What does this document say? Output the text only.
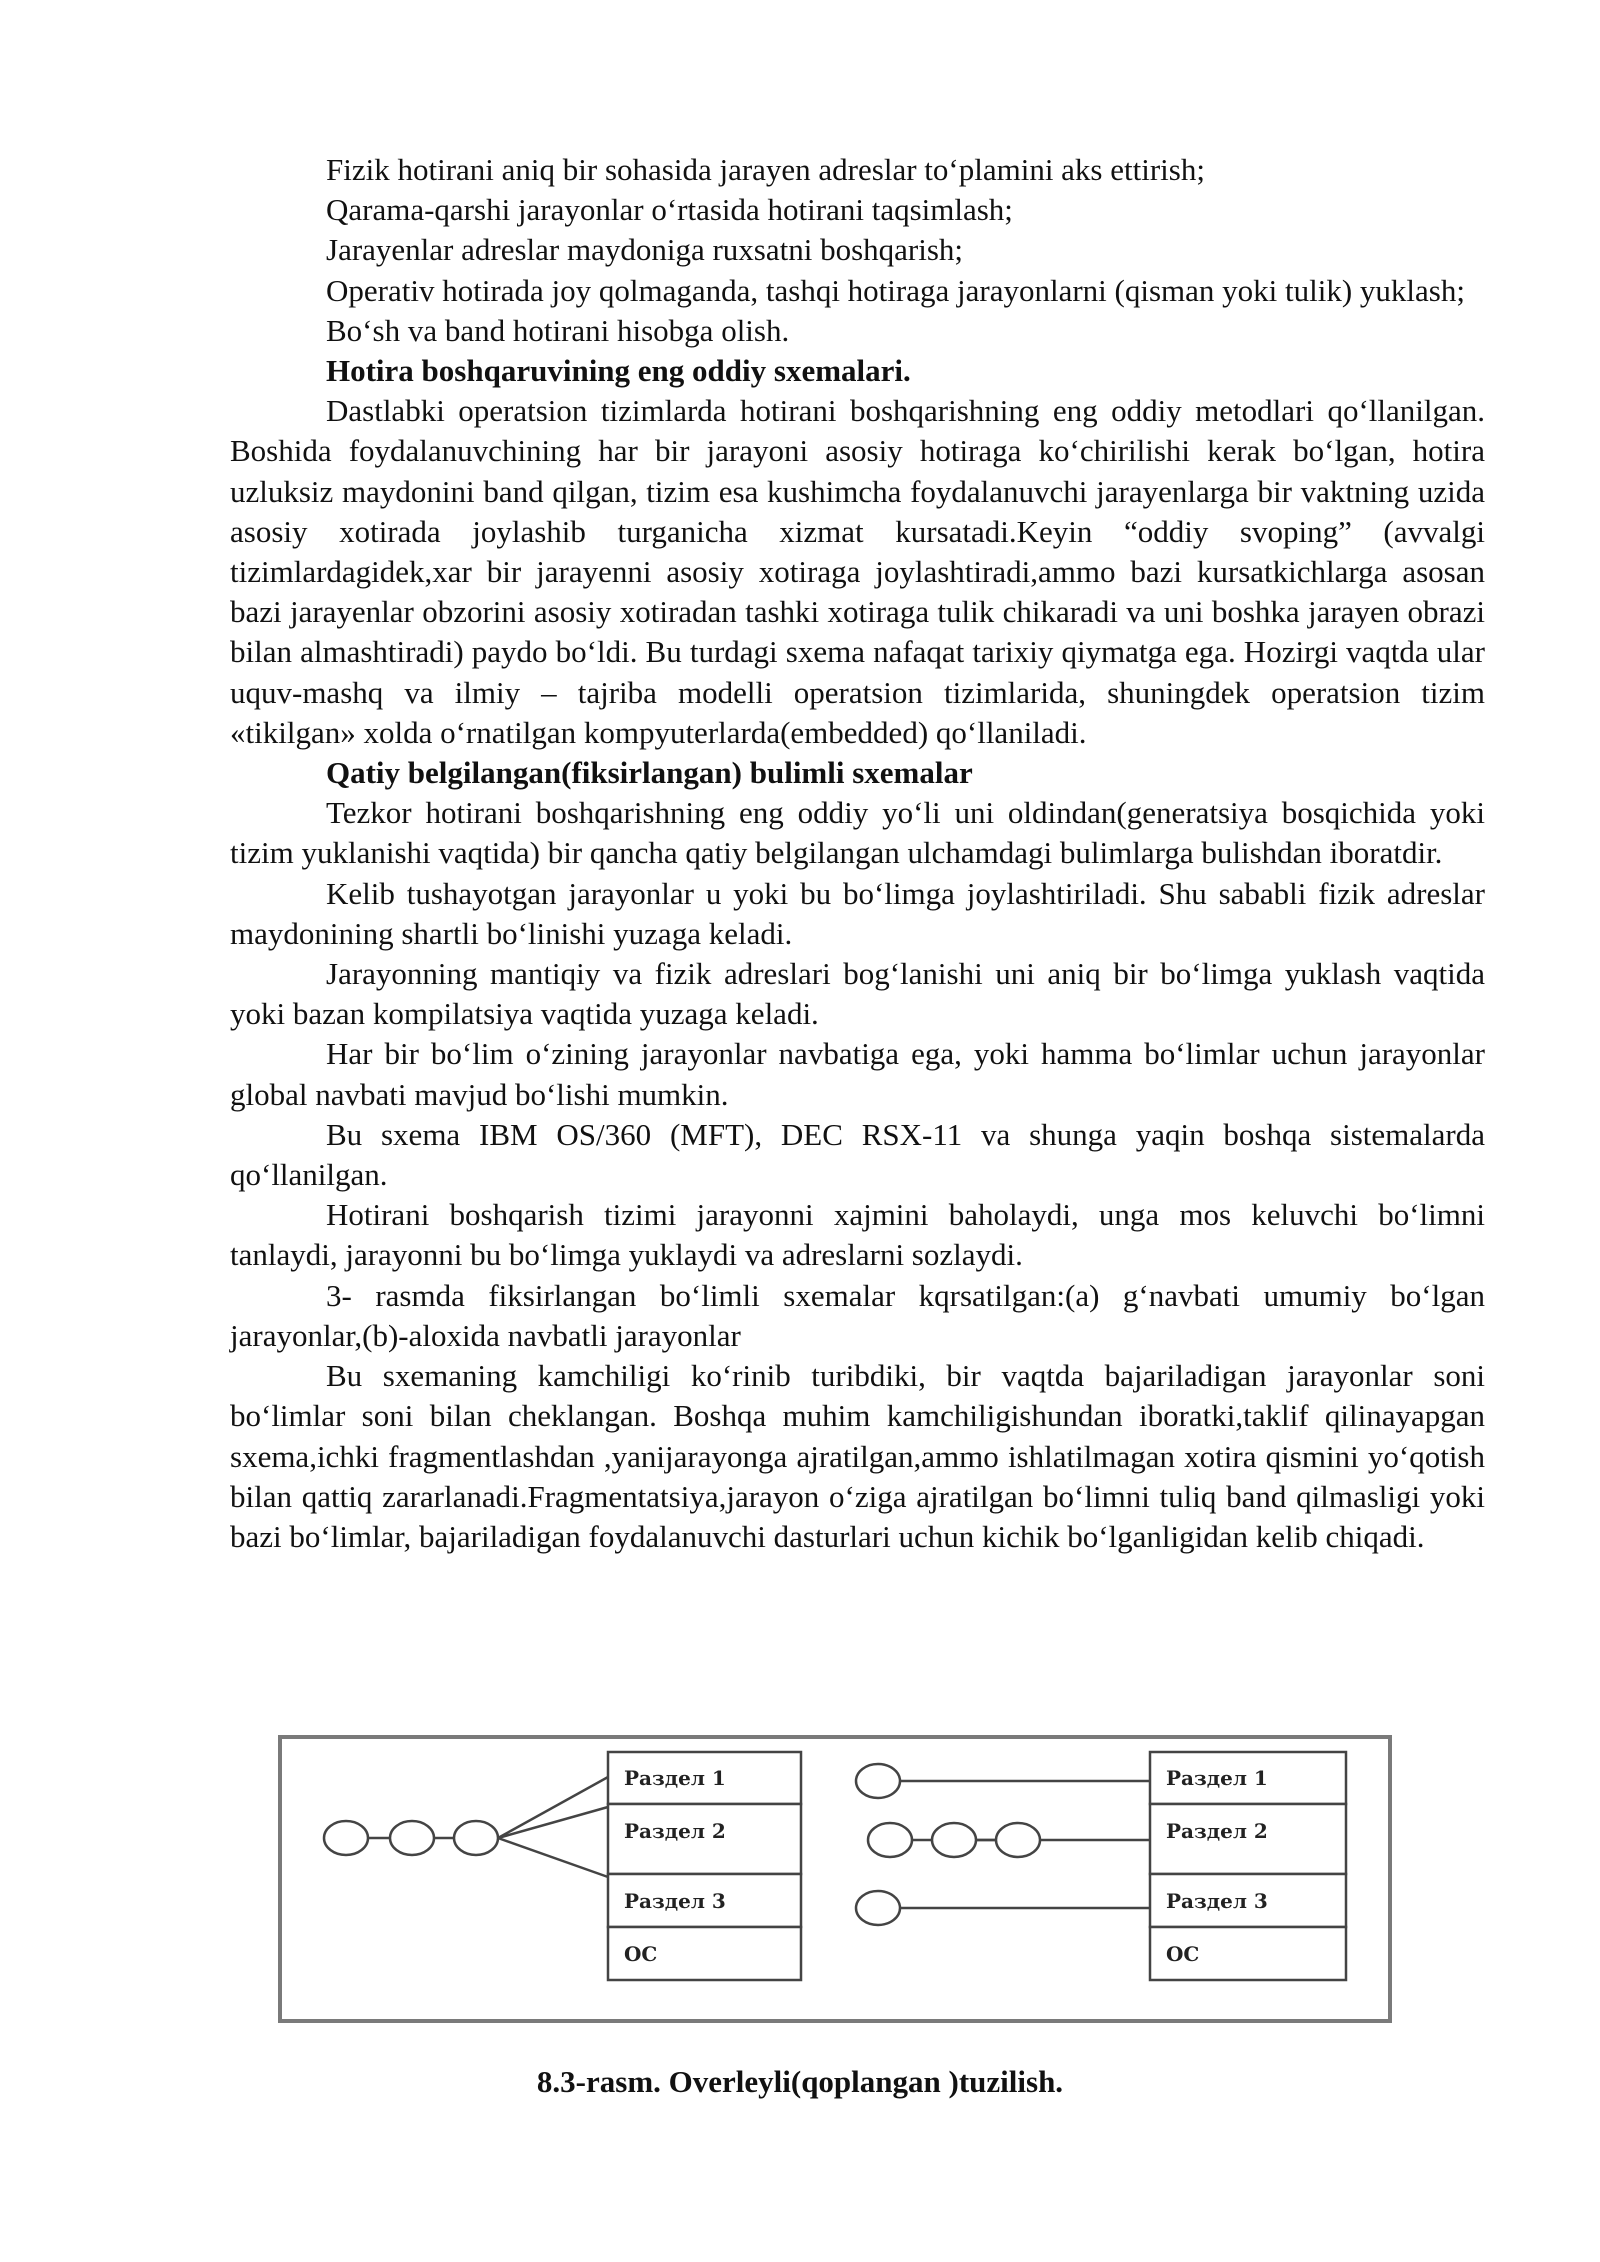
Fizik hotirani aniq bir sohasida jarayen adreslar to‘plamini aks ettirish;

Qarama-qarshi jarayonlar o‘rtasida hotirani taqsimlash;

Jarayenlar adreslar maydoniga ruxsatni boshqarish;

Operativ hotirada joy qolmaganda, tashqi hotiraga jarayonlarni (qisman yoki tulik) yuklash;

Bo‘sh va band hotirani hisobga olish.

Hotira boshqaruvining eng oddiy sxemalari.

Dastlabki operatsion tizimlarda hotirani boshqarishning eng oddiy metodlari qo‘llanilgan. Boshida foydalanuvchining har bir jarayoni asosiy hotiraga ko‘chirilishi kerak bo‘lgan, hotira uzluksiz maydonini band qilgan, tizim esa kushimcha foydalanuvchi jarayenlarga bir vaktning uzida asosiy xotirada joylashib turganicha xizmat kursatadi.Keyin “oddiy svoping” (avvalgi tizimlardagidek,xar bir jarayenni asosiy xotiraga joylashtiradi,ammo bazi kursatkichlarga asosan bazi jarayenlar obzorini asosiy xotiradan tashki xotiraga tulik chikaradi va uni boshka jarayen obrazi bilan almashtiradi) paydo bo‘ldi. Bu turdagi sxema nafaqat tarixiy qiymatga ega. Hozirgi vaqtda ular uquv-mashq va ilmiy – tajriba modelli operatsion tizimlarida, shuningdek operatsion tizim «tikilgan» xolda o‘rnatilgan kompyuterlarda(embedded) qo‘llaniladi.

Qatiy belgilangan(fiksirlangan) bulimli sxemalar

Tezkor hotirani boshqarishning eng oddiy yo‘li uni oldindan(generatsiya bosqichida yoki tizim yuklanishi vaqtida) bir qancha qatiy belgilangan ulchamdagi bulimlarga bulishdan iboratdir.

Kelib tushayotgan jarayonlar u yoki bu bo‘limga joylashtiriladi. Shu sababli fizik adreslar maydonining shartli bo‘linishi yuzaga keladi.

Jarayonning mantiqiy va fizik adreslari bog‘lanishi uni aniq bir bo‘limga yuklash vaqtida yoki bazan kompilatsiya vaqtida yuzaga keladi.

Har bir bo‘lim o‘zining jarayonlar navbatiga ega, yoki hamma bo‘limlar uchun jarayonlar global navbati mavjud bo‘lishi mumkin.

Bu sxema IBM OS/360 (MFT), DEC RSX-11 va shunga yaqin boshqa sistemalarda qo‘llanilgan.

Hotirani boshqarish tizimi jarayonni xajmini baholaydi, unga mos keluvchi bo‘limni tanlaydi, jarayonni bu bo‘limga yuklaydi va adreslarni sozlaydi.

3- rasmda fiksirlangan bo‘limli sxemalar kqrsatilgan:(a) g‘navbati umumiy bo‘lgan jarayonlar,(b)-aloxida navbatli jarayonlar

Bu sxemaning kamchiligi ko‘rinib turibdiki, bir vaqtda bajariladigan jarayonlar soni bo‘limlar soni bilan cheklangan. Boshqa muhim kamchiligishundan iboratki,taklif qilinayapgan sxema,ichki fragmentlashdan ,yanijarayonga ajratilgan,ammo ishlatilmagan xotira qismini yo‘qotish bilan qattiq zararlanadi.Fragmentatsiya,jarayon o‘ziga ajratilgan bo‘limni tuliq band qilmasligi yoki bazi bo‘limlar, bajariladigan foydalanuvchi dasturlari uchun kichik bo‘lganligidan kelib chiqadi.

Раздел 1
Раздел 2
Раздел 3
ОС
Раздел 1
Раздел 2
Раздел 3
ОС
8.3-rasm. Overleyli(qoplangan )tuzilish.
